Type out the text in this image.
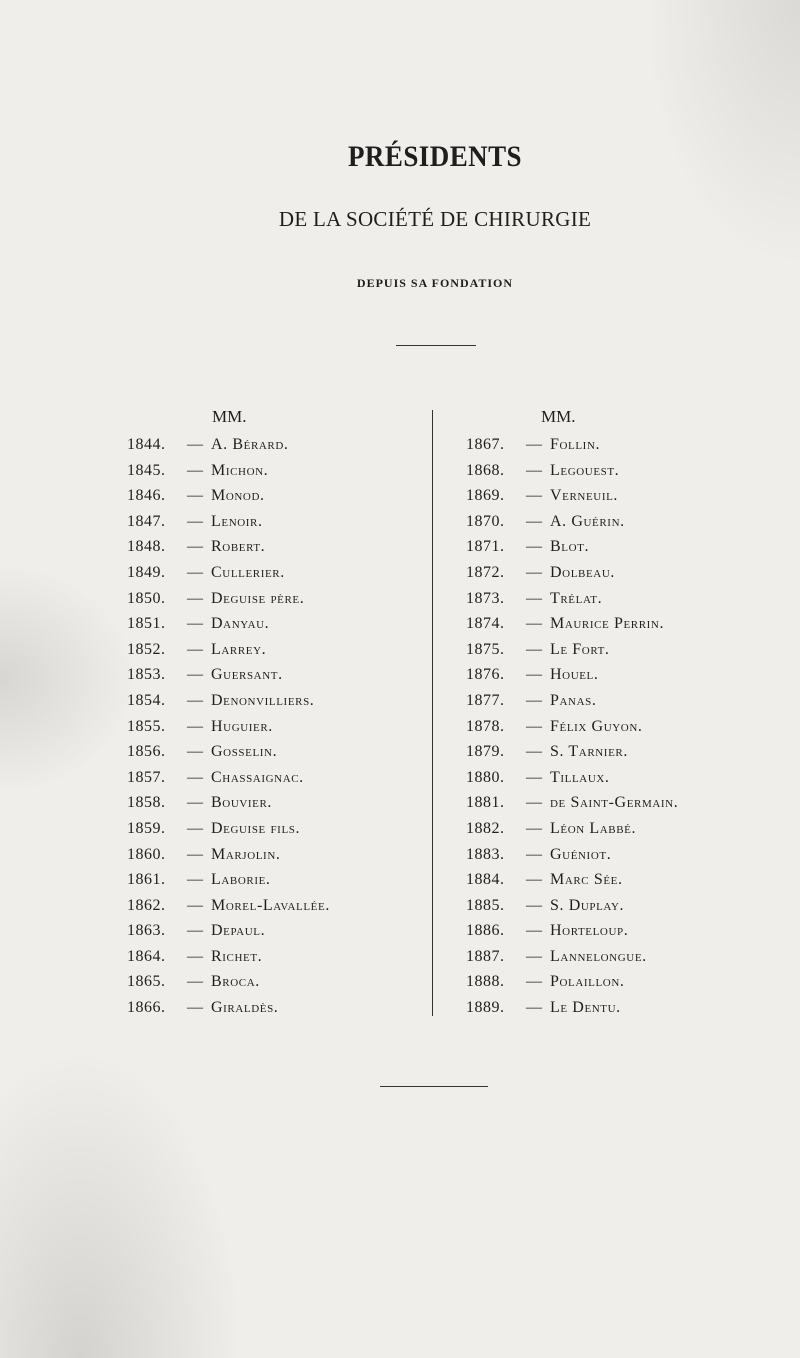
PRÉSIDENTS
DE LA SOCIÉTÉ DE CHIRURGIE
DEPUIS SA FONDATION
MM.	MM.
1844. — A. Bérard.
1845. — Michon.
1846. — Monod.
1847. — Lenoir.
1848. — Robert.
1849. — Cullerier.
1850. — Deguise père.
1851. — Danyau.
1852. — Larrey.
1853. — Guersant.
1854. — Denonvilliers.
1855. — Huguier.
1856. — Gosselin.
1857. — Chassaignac.
1858. — Bouvier.
1859. — Deguise fils.
1860. — Marjolin.
1861. — Laborie.
1862. — Morel-Lavallée.
1863. — Depaul.
1864. — Richet.
1865. — Broca.
1866. — Giraldès.
1867. — Follin.
1868. — Legouest.
1869. — Verneuil.
1870. — A. Guérin.
1871. — Blot.
1872. — Dolbeau.
1873. — Trélat.
1874. — Maurice Perrin.
1875. — Le Fort.
1876. — Houel.
1877. — Panas.
1878. — Félix Guyon.
1879. — S. Tarnier.
1880. — Tillaux.
1881. — de Saint-Germain.
1882. — Léon Labbé.
1883. — Guéniot.
1884. — Marc Sée.
1885. — S. Duplay.
1886. — Horteloup.
1887. — Lannelongue.
1888. — Polaillon.
1889. — Le Dentu.
